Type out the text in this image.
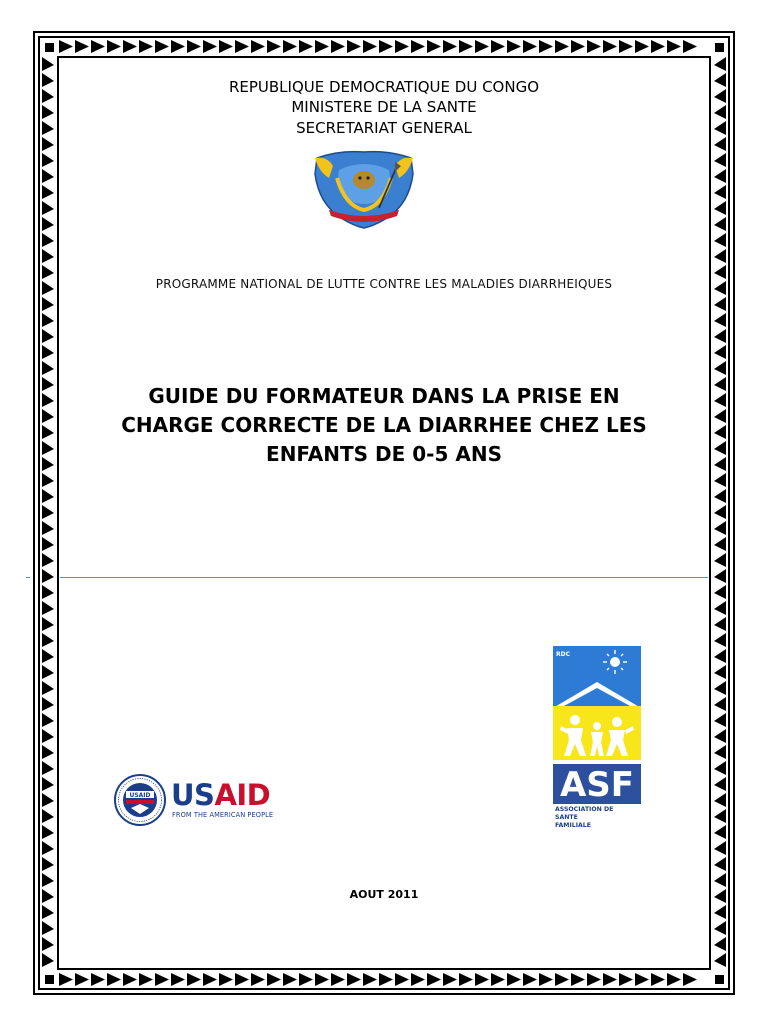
REPUBLIQUE DEMOCRATIQUE DU CONGO
MINISTERE DE LA SANTE
SECRETARIAT GENERAL
PROGRAMME NATIONAL DE LUTTE CONTRE LES MALADIES DIARRHEIQUES
GUIDE DU FORMATEUR DANS LA PRISE EN
CHARGE CORRECTE DE LA DIARRHEE CHEZ LES
ENFANTS DE 0-5 ANS
RDC
ASF
ASSOCIATION DE
SANTE
FAMILIALE
USAID USAID
FROM THE AMERICAN PEOPLE
AOUT 2011
